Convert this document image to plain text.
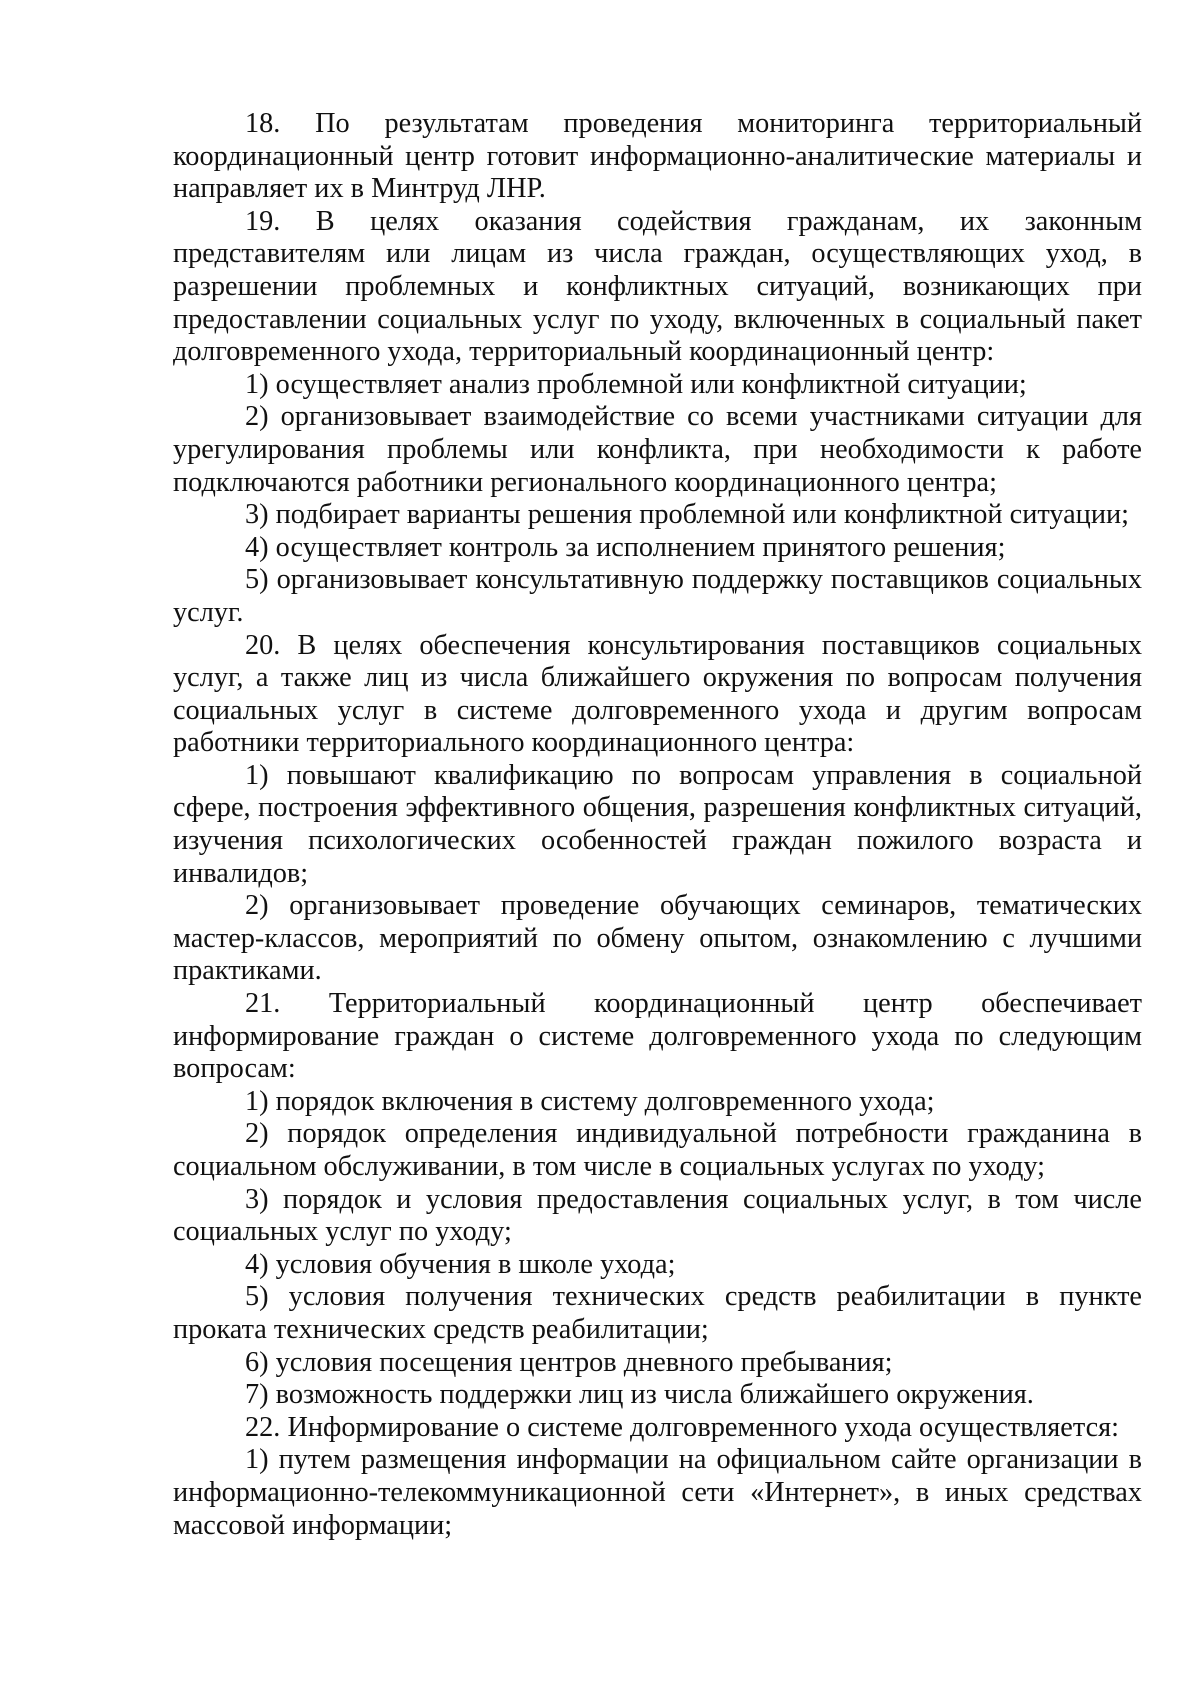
18. По результатам проведения мониторинга территориальный координационный центр готовит информационно-аналитические материалы и направляет их в Минтруд ЛНР.

19. В целях оказания содействия гражданам, их законным представителям или лицам из числа граждан, осуществляющих уход, в разрешении проблемных и конфликтных ситуаций, возникающих при предоставлении социальных услуг по уходу, включенных в социальный пакет долговременного ухода, территориальный координационный центр:

1) осуществляет анализ проблемной или конфликтной ситуации;

2) организовывает взаимодействие со всеми участниками ситуации для урегулирования проблемы или конфликта, при необходимости к работе подключаются работники регионального координационного центра;

3) подбирает варианты решения проблемной или конфликтной ситуации;

4) осуществляет контроль за исполнением принятого решения;

5) организовывает консультативную поддержку поставщиков социальных услуг.

20. В целях обеспечения консультирования поставщиков социальных услуг, а также лиц из числа ближайшего окружения по вопросам получения социальных услуг в системе долговременного ухода и другим вопросам работники территориального координационного центра:

1) повышают квалификацию по вопросам управления в социальной сфере, построения эффективного общения, разрешения конфликтных ситуаций, изучения психологических особенностей граждан пожилого возраста и инвалидов;

2) организовывает проведение обучающих семинаров, тематических мастер-классов, мероприятий по обмену опытом, ознакомлению с лучшими практиками.

21. Территориальный координационный центр обеспечивает информирование граждан о системе долговременного ухода по следующим вопросам:

1) порядок включения в систему долговременного ухода;

2) порядок определения индивидуальной потребности гражданина в социальном обслуживании, в том числе в социальных услугах по уходу;

3) порядок и условия предоставления социальных услуг, в том числе социальных услуг по уходу;

4) условия обучения в школе ухода;

5) условия получения технических средств реабилитации в пункте проката технических средств реабилитации;

6) условия посещения центров дневного пребывания;

7) возможность поддержки лиц из числа ближайшего окружения.

22. Информирование о системе долговременного ухода осуществляется:

1) путем размещения информации на официальном сайте организации в информационно-телекоммуникационной сети «Интернет», в иных средствах массовой информации;
